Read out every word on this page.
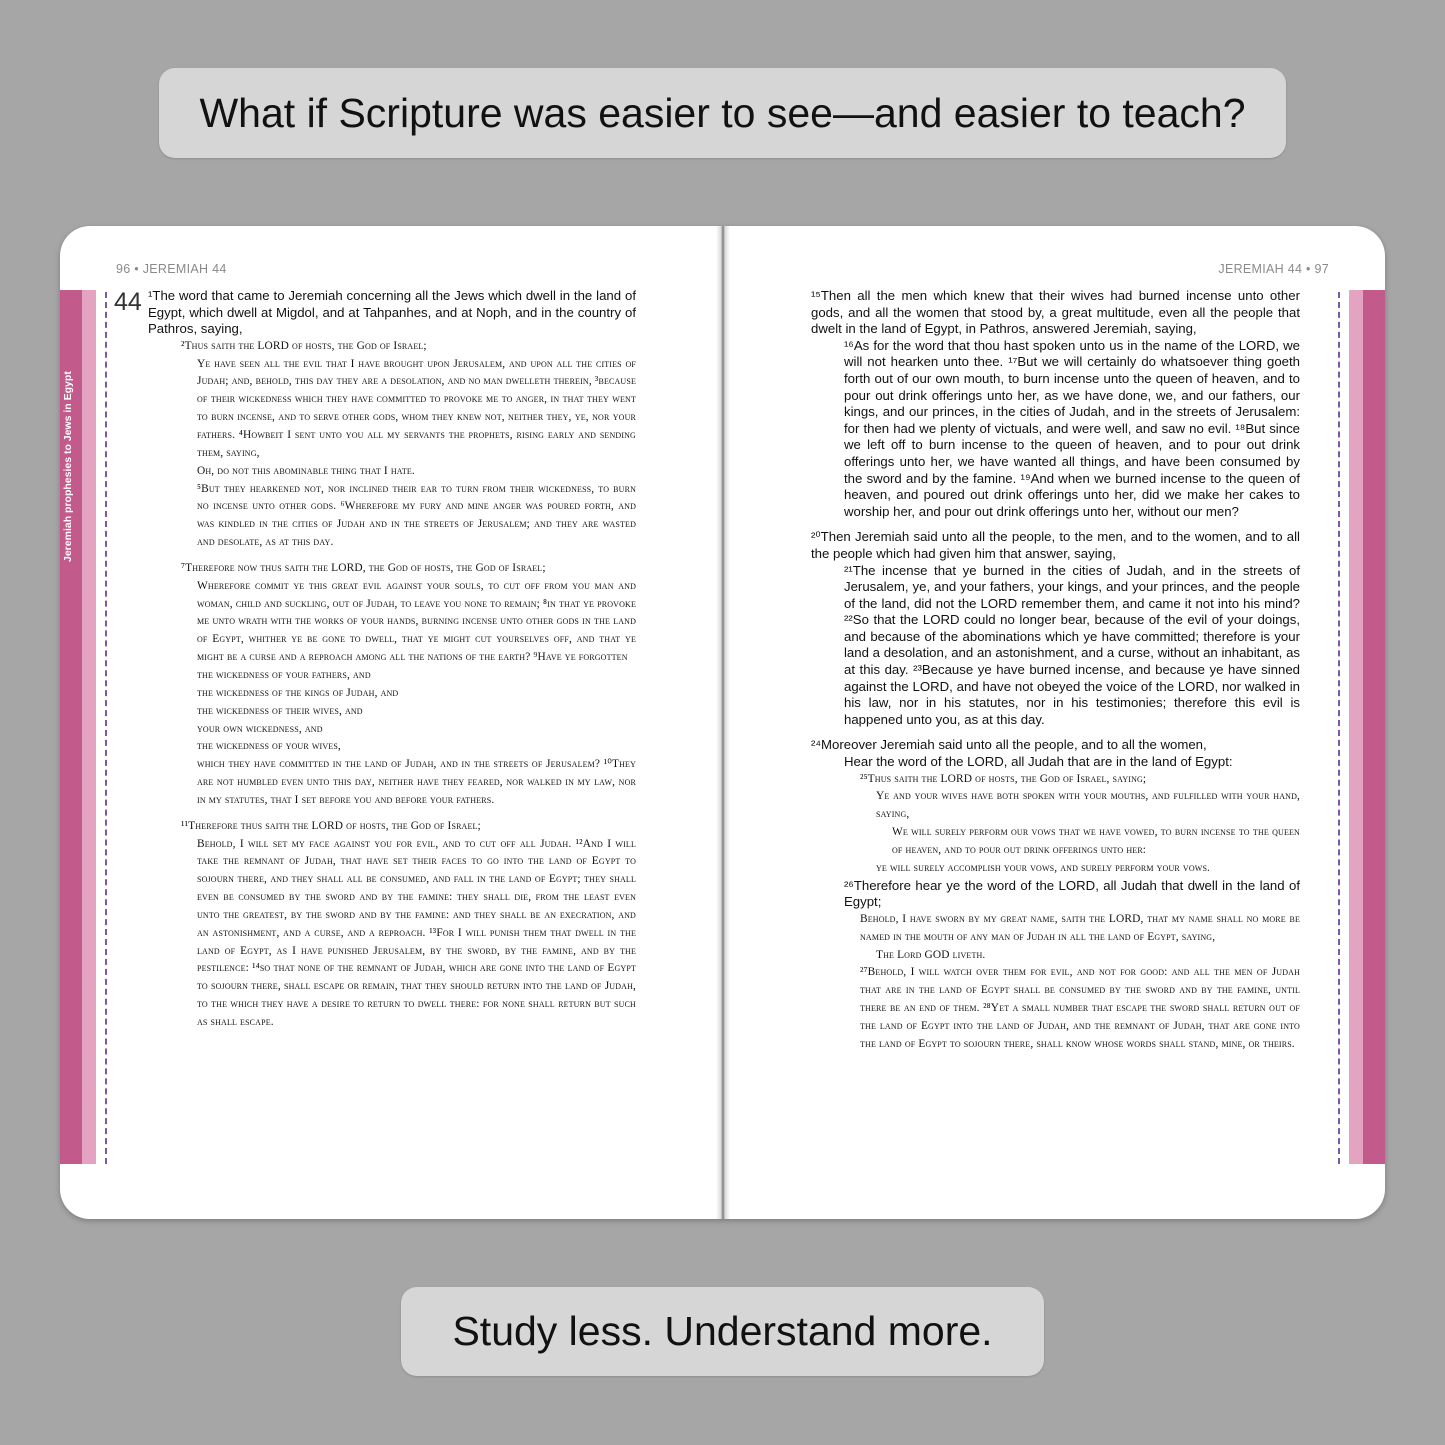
What if Scripture was easier to see—and easier to teach?
Jeremiah prophesies to Jews in Egypt
96 • JEREMIAH 44	JEREMIAH 44 • 97
44 ¹The word that came to Jeremiah concerning all the Jews which dwell in the land of Egypt, which dwell at Migdol, and at Tahpanhes, and at Noph, and in the country of Pathros, saying,
²Thus saith the LORD of hosts, the God of Israel;
Ye have seen all the evil that I have brought upon Jerusalem, and upon all the cities of Judah; and, behold, this day they are a desolation, and no man dwelleth therein, ³because of their wickedness which they have committed to provoke me to anger, in that they went to burn incense, and to serve other gods, whom they knew not, neither they, ye, nor your fathers. ⁴Howbeit I sent unto you all my servants the prophets, rising early and sending them, saying,
Oh, do not this abominable thing that I hate.
⁵But they hearkened not, nor inclined their ear to turn from their wickedness, to burn no incense unto other gods. ⁶Wherefore my fury and mine anger was poured forth, and was kindled in the cities of Judah and in the streets of Jerusalem; and they are wasted and desolate, as at this day.
⁷Therefore now thus saith the LORD, the God of hosts, the God of Israel;
Wherefore commit ye this great evil against your souls, to cut off from you man and woman, child and suckling, out of Judah, to leave you none to remain; ⁸in that ye provoke me unto wrath with the works of your hands, burning incense unto other gods in the land of Egypt, whither ye be gone to dwell, that ye might cut yourselves off, and that ye might be a curse and a reproach among all the nations of the earth? ⁹Have ye forgotten
the wickedness of your fathers, and
the wickedness of the kings of Judah, and
the wickedness of their wives, and
your own wickedness, and
the wickedness of your wives,
which they have committed in the land of Judah, and in the streets of Jerusalem? ¹⁰They are not humbled even unto this day, neither have they feared, nor walked in my law, nor in my statutes, that I set before you and before your fathers.
¹¹Therefore thus saith the LORD of hosts, the God of Israel;
Behold, I will set my face against you for evil, and to cut off all Judah. ¹²And I will take the remnant of Judah, that have set their faces to go into the land of Egypt to sojourn there, and they shall all be consumed, and fall in the land of Egypt; they shall even be consumed by the sword and by the famine: they shall die, from the least even unto the greatest, by the sword and by the famine: and they shall be an execration, and an astonishment, and a curse, and a reproach. ¹³For I will punish them that dwell in the land of Egypt, as I have punished Jerusalem, by the sword, by the famine, and by the pestilence: ¹⁴so that none of the remnant of Judah, which are gone into the land of Egypt to sojourn there, shall escape or remain, that they should return into the land of Judah, to the which they have a desire to return to dwell there: for none shall return but such as shall escape.
¹⁵Then all the men which knew that their wives had burned incense unto other gods, and all the women that stood by, a great multitude, even all the people that dwelt in the land of Egypt, in Pathros, answered Jeremiah, saying,
¹⁶As for the word that thou hast spoken unto us in the name of the LORD, we will not hearken unto thee. ¹⁷But we will certainly do whatsoever thing goeth forth out of our own mouth, to burn incense unto the queen of heaven, and to pour out drink offerings unto her, as we have done, we, and our fathers, our kings, and our princes, in the cities of Judah, and in the streets of Jerusalem: for then had we plenty of victuals, and were well, and saw no evil. ¹⁸But since we left off to burn incense to the queen of heaven, and to pour out drink offerings unto her, we have wanted all things, and have been consumed by the sword and by the famine. ¹⁹And when we burned incense to the queen of heaven, and poured out drink offerings unto her, did we make her cakes to worship her, and pour out drink offerings unto her, without our men?
²⁰Then Jeremiah said unto all the people, to the men, and to the women, and to all the people which had given him that answer, saying,
²¹The incense that ye burned in the cities of Judah, and in the streets of Jerusalem, ye, and your fathers, your kings, and your princes, and the people of the land, did not the LORD remember them, and came it not into his mind? ²²So that the LORD could no longer bear, because of the evil of your doings, and because of the abominations which ye have committed; therefore is your land a desolation, and an astonishment, and a curse, without an inhabitant, as at this day. ²³Because ye have burned incense, and because ye have sinned against the LORD, and have not obeyed the voice of the LORD, nor walked in his law, nor in his statutes, nor in his testimonies; therefore this evil is happened unto you, as at this day.
²⁴Moreover Jeremiah said unto all the people, and to all the women,
Hear the word of the LORD, all Judah that are in the land of Egypt:
²⁵Thus saith the LORD of hosts, the God of Israel, saying;
Ye and your wives have both spoken with your mouths, and fulfilled with your hand, saying,
We will surely perform our vows that we have vowed, to burn incense to the queen of heaven, and to pour out drink offerings unto her:
ye will surely accomplish your vows, and surely perform your vows.
²⁶Therefore hear ye the word of the LORD, all Judah that dwell in the land of Egypt;
Behold, I have sworn by my great name, saith the LORD, that my name shall no more be named in the mouth of any man of Judah in all the land of Egypt, saying,
The Lord GOD liveth.
²⁷Behold, I will watch over them for evil, and not for good: and all the men of Judah that are in the land of Egypt shall be consumed by the sword and by the famine, until there be an end of them. ²⁸Yet a small number that escape the sword shall return out of the land of Egypt into the land of Judah, and the remnant of Judah, that are gone into the land of Egypt to sojourn there, shall know whose words shall stand, mine, or theirs.
Study less. Understand more.
